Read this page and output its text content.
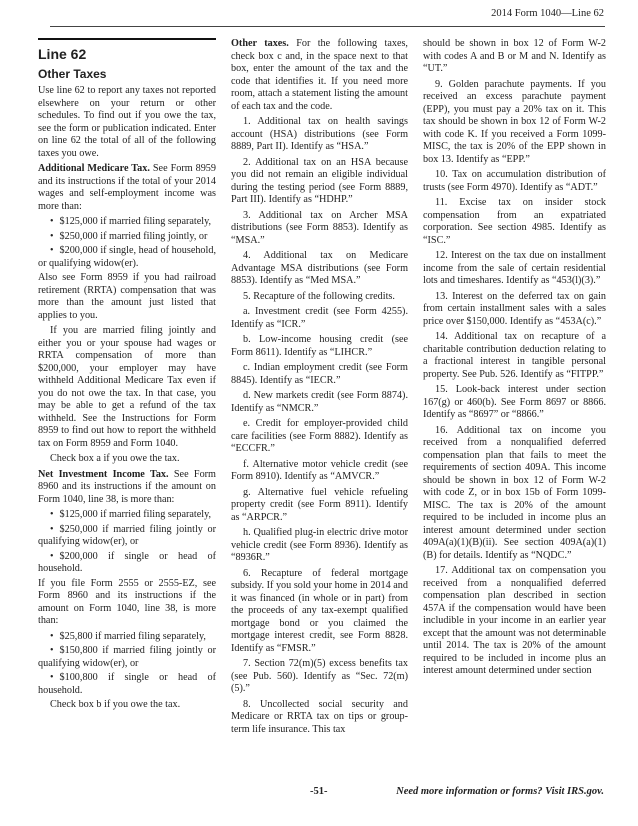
2014 Form 1040—Line 62
Line 62
Other Taxes

Use line 62 to report any taxes not reported elsewhere on your return or other schedules. To find out if you owe the tax, see the form or publication indicated. Enter on line 62 the total of all of the following taxes you owe.

Additional Medicare Tax. See Form 8959 and its instructions if the total of your 2014 wages and self-employment income was more than:

• $125,000 if married filing separately,
• $250,000 if married filing jointly, or
• $200,000 if single, head of household, or qualifying widow(er).

Also see Form 8959 if you had railroad retirement (RRTA) compensation that was more than the amount just listed that applies to you.

If you are married filing jointly and either you or your spouse had wages or RRTA compensation of more than $200,000, your employer may have withheld Additional Medicare Tax even if you do not owe the tax. In that case, you may be able to get a refund of the tax withheld. See the Instructions for Form 8959 to find out how to report the withheld tax on Form 8959 and Form 1040.

Check box a if you owe the tax.

Net Investment Income Tax. See Form 8960 and its instructions if the amount on Form 1040, line 38, is more than:

• $125,000 if married filing separately,
• $250,000 if married filing jointly or qualifying widow(er), or
• $200,000 if single or head of household.

If you file Form 2555 or 2555-EZ, see Form 8960 and its instructions if the amount on Form 1040, line 38, is more than:

• $25,800 if married filing separately,
• $150,800 if married filing jointly or qualifying widow(er), or
• $100,800 if single or head of household.

Check box b if you owe the tax.

Other taxes. For the following taxes, check box c and, in the space next to that box, enter the amount of the tax and the code that identifies it. If you need more room, attach a statement listing the amount of each tax and the code.

1. Additional tax on health savings account (HSA) distributions (see Form 8889, Part II). Identify as “HSA.”

2. Additional tax on an HSA because you did not remain an eligible individual during the testing period (see Form 8889, Part III). Identify as “HDHP.”

3. Additional tax on Archer MSA distributions (see Form 8853). Identify as “MSA.”

4. Additional tax on Medicare Advantage MSA distributions (see Form 8853). Identify as “Med MSA.”

5. Recapture of the following credits.

a. Investment credit (see Form 4255). Identify as “ICR.”

b. Low-income housing credit (see Form 8611). Identify as “LIHCR.”

c. Indian employment credit (see Form 8845). Identify as “IECR.”

d. New markets credit (see Form 8874). Identify as “NMCR.”

e. Credit for employer-provided child care facilities (see Form 8882). Identify as “ECCFR.”

f. Alternative motor vehicle credit (see Form 8910). Identify as “AMVCR.”

g. Alternative fuel vehicle refueling property credit (see Form 8911). Identify as “ARPCR.”

h. Qualified plug-in electric drive motor vehicle credit (see Form 8936). Identify as “8936R.”

6. Recapture of federal mortgage subsidy. If you sold your home in 2014 and it was financed (in whole or in part) from the proceeds of any tax-exempt qualified mortgage bond or you claimed the mortgage interest credit, see Form 8828. Identify as “FMSR.”

7. Section 72(m)(5) excess benefits tax (see Pub. 560). Identify as “Sec. 72(m)(5).”

8. Uncollected social security and Medicare or RRTA tax on tips or group-term life insurance. This tax

should be shown in box 12 of Form W-2 with codes A and B or M and N. Identify as “UT.”

9. Golden parachute payments. If you received an excess parachute payment (EPP), you must pay a 20% tax on it. This tax should be shown in box 12 of Form W-2 with code K. If you received a Form 1099-MISC, the tax is 20% of the EPP shown in box 13. Identify as “EPP.”

10. Tax on accumulation distribution of trusts (see Form 4970). Identify as “ADT.”

11. Excise tax on insider stock compensation from an expatriated corporation. See section 4985. Identify as “ISC.”

12. Interest on the tax due on installment income from the sale of certain residential lots and timeshares. Identify as “453(l)(3).”

13. Interest on the deferred tax on gain from certain installment sales with a sales price over $150,000. Identify as “453A(c).”

14. Additional tax on recapture of a charitable contribution deduction relating to a fractional interest in tangible personal property. See Pub. 526. Identify as “FITPP.”

15. Look-back interest under section 167(g) or 460(b). See Form 8697 or 8866. Identify as “8697” or “8866.”

16. Additional tax on income you received from a nonqualified deferred compensation plan that fails to meet the requirements of section 409A. This income should be shown in box 12 of Form W-2 with code Z, or in box 15b of Form 1099-MISC. The tax is 20% of the amount required to be included in income plus an interest amount determined under section 409A(a)(1)(B)(ii). See section 409A(a)(1)(B) for details. Identify as “NQDC.”

17. Additional tax on compensation you received from a nonqualified deferred compensation plan described in section 457A if the compensation would have been includible in your income in an earlier year except that the amount was not determinable until 2014. The tax is 20% of the amount required to be included in income plus an interest amount determined under section

-51-	Need more information or forms? Visit IRS.gov.
